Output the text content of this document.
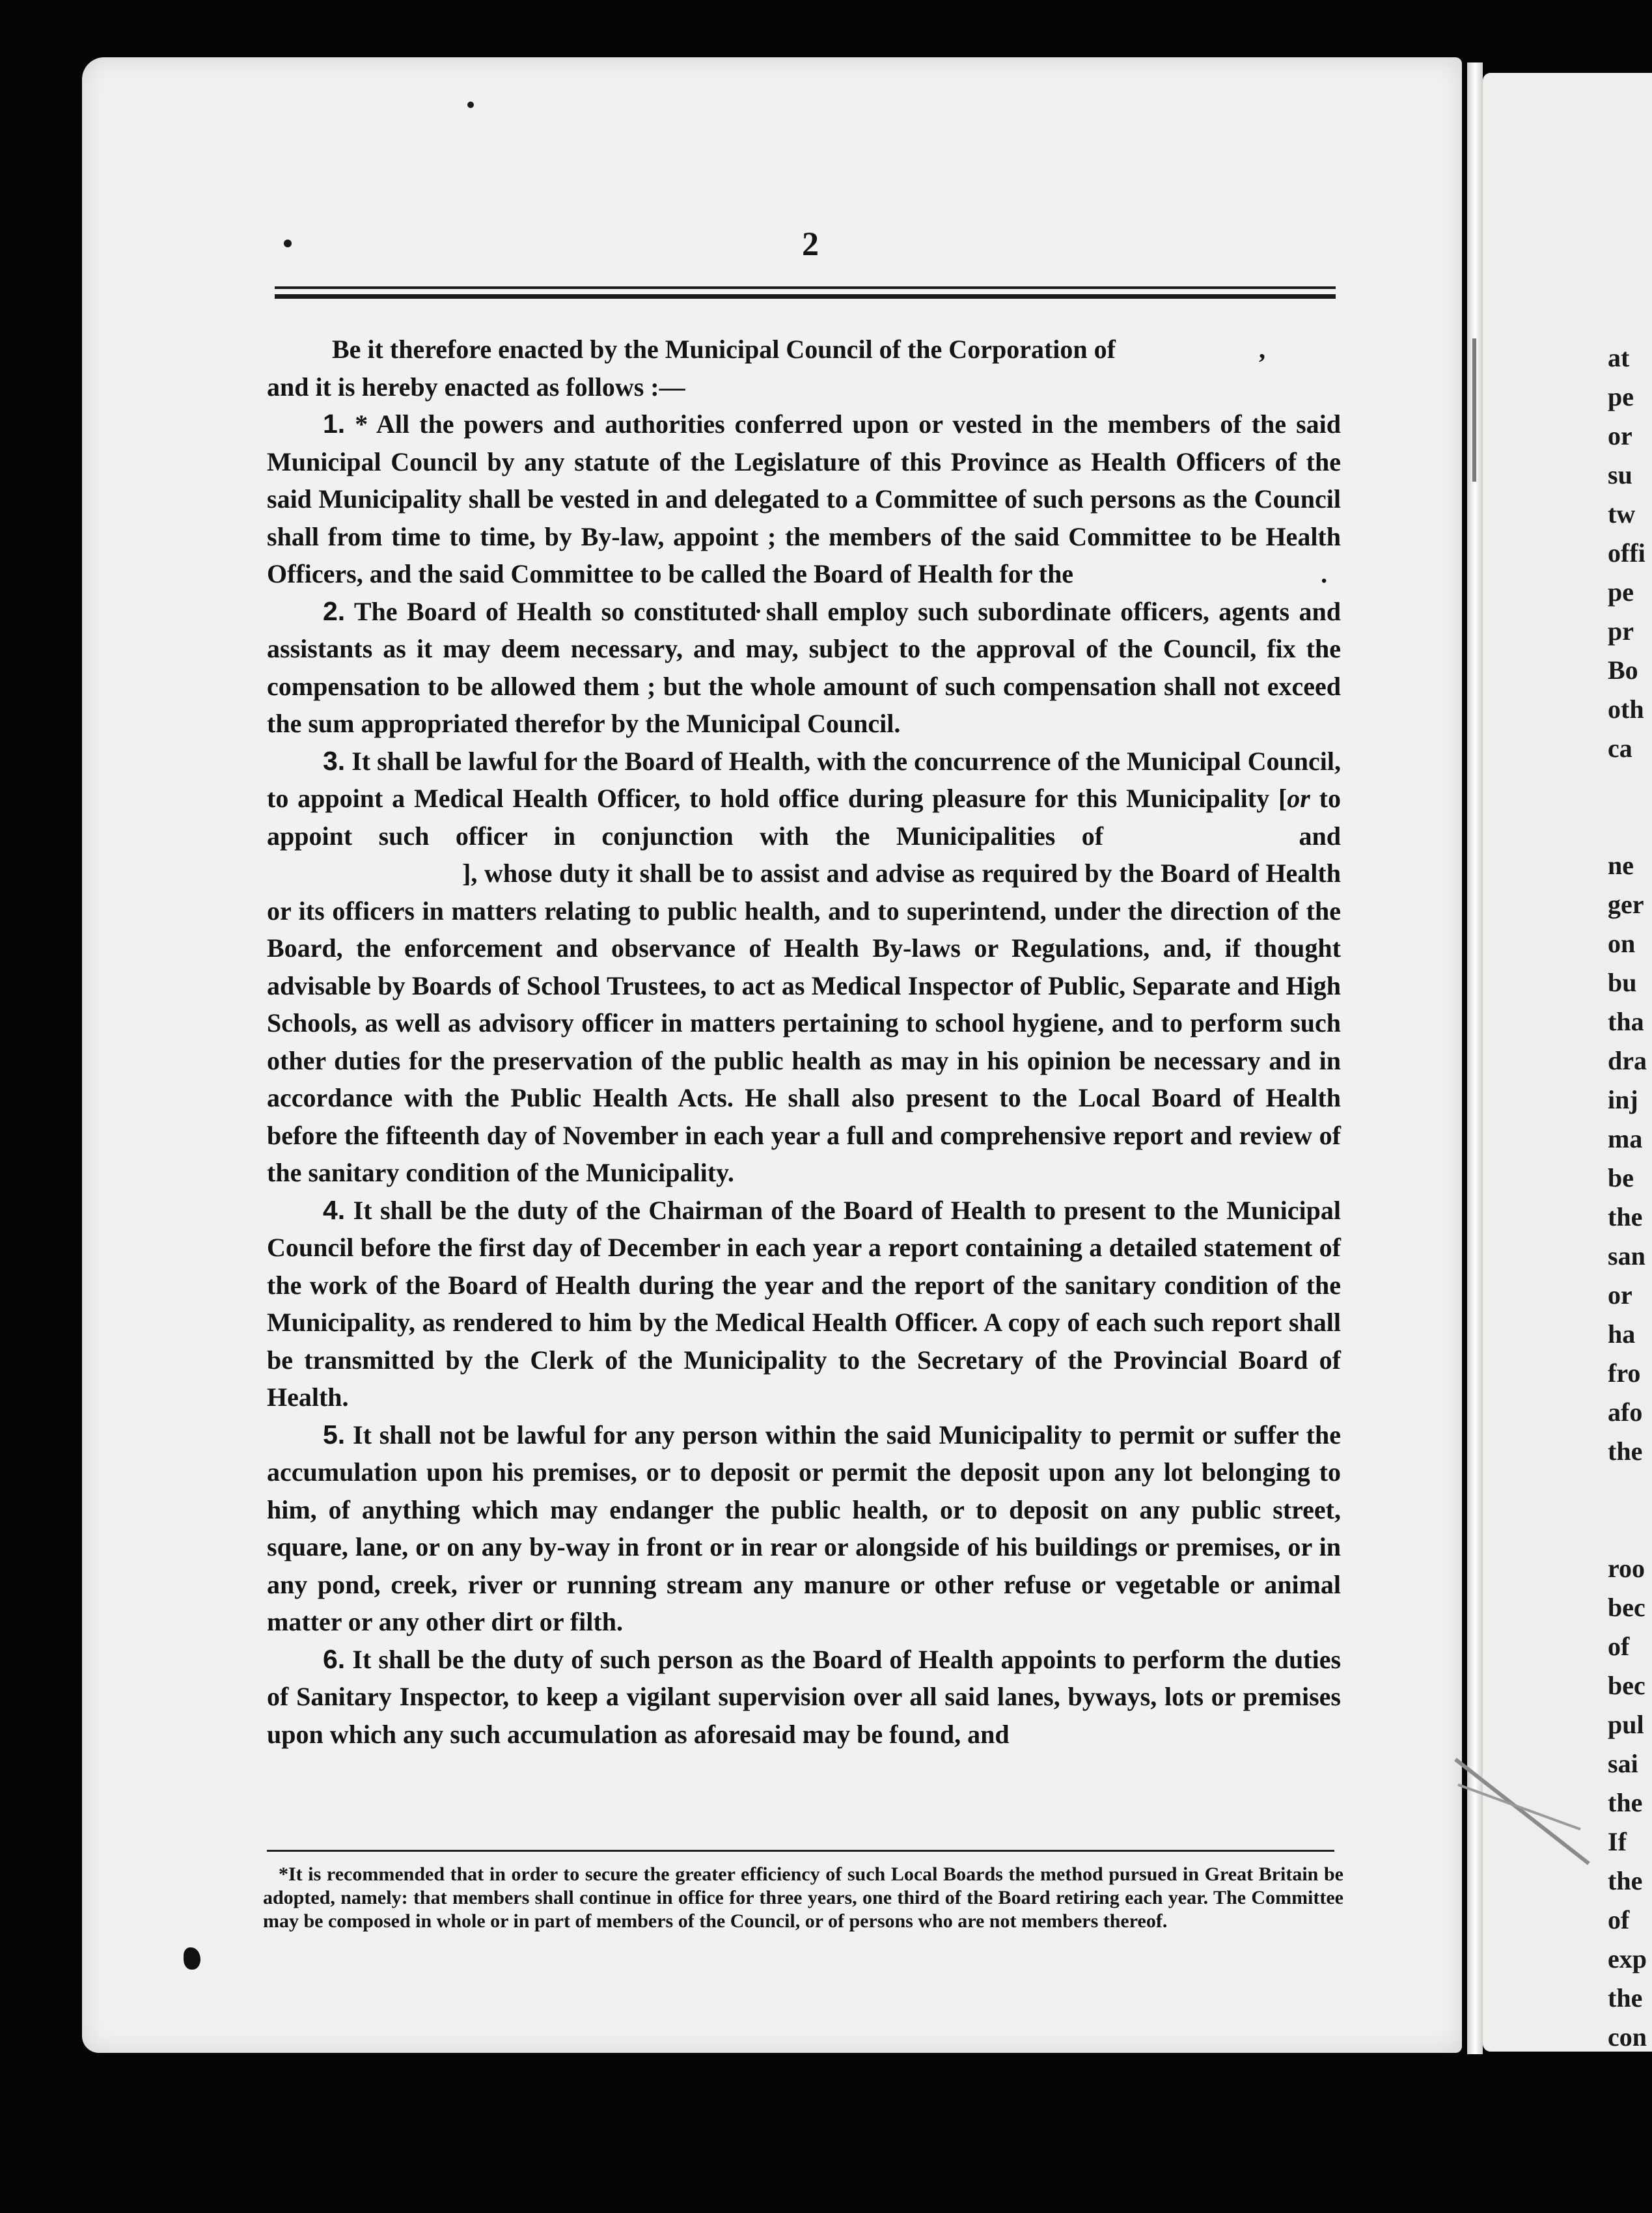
2

Be it therefore enacted by the Municipal Council of the Corporation of	,

and it is hereby enacted as follows :—

1. * All the powers and authorities conferred upon or vested in the members of the said Municipal Council by any statute of the Legislature of this Province as Health Officers of the said Municipality shall be vested in and delegated to a Committee of such persons as the Council shall from time to time, by By-law, appoint ; the members of the said Committee to be Health Officers, and the said Committee to be called the Board of Health for the	.

2. The Board of Health so constituted shall employ such subordinate officers, agents and assistants as it may deem necessary, and may, subject to the approval of the Council, fix the compensation to be allowed them ; but the whole amount of such compensation shall not exceed the sum appropriated therefor by the Municipal Council.

3. It shall be lawful for the Board of Health, with the concurrence of the Municipal Council, to appoint a Medical Health Officer, to hold office during pleasure for this Municipality [or to appoint such officer in conjunction with the Municipalities of	and], whose duty it shall be to assist and advise as required by the Board of Health or its officers in matters relating to public health, and to superintend, under the direction of the Board, the enforcement and observance of Health By-laws or Regulations, and, if thought advisable by Boards of School Trustees, to act as Medical Inspector of Public, Separate and High Schools, as well as advisory officer in matters pertaining to school hygiene, and to perform such other duties for the preservation of the public health as may in his opinion be necessary and in accordance with the Public Health Acts. He shall also present to the Local Board of Health before the fifteenth day of November in each year a full and comprehensive report and review of the sanitary condition of the Municipality.

4. It shall be the duty of the Chairman of the Board of Health to present to the Municipal Council before the first day of December in each year a report containing a detailed statement of the work of the Board of Health during the year and the report of the sanitary condition of the Municipality, as rendered to him by the Medical Health Officer. A copy of each such report shall be transmitted by the Clerk of the Municipality to the Secretary of the Provincial Board of Health.

5. It shall not be lawful for any person within the said Municipality to permit or suffer the accumulation upon his premises, or to deposit or permit the deposit upon any lot belonging to him, of anything which may endanger the public health, or to deposit on any public street, square, lane, or on any by-way in front or in rear or alongside of his buildings or premises, or in any pond, creek, river or running stream any manure or other refuse or vegetable or animal matter or any other dirt or filth.

6. It shall be the duty of such person as the Board of Health appoints to perform the duties of Sanitary Inspector, to keep a vigilant supervision over all said lanes, byways, lots or premises upon which any such accumulation as aforesaid may be found, and

*It is recommended that in order to secure the greater efficiency of such Local Boards the method pursued in Great Britain be adopted, namely: that members shall continue in office for three years, one third of the Board retiring each year. The Committee may be composed in whole or in part of members of the Council, or of persons who are not members thereof.

at
pe
or
su
tw
offi
pe
pr
Bo
oth
ca
ne
ger
on
bu
tha
dra
inj
ma
be
the
san
or
ha
fro
afo
the
roo
bec
of
bec
pul
sai
the
If
the
of
exp
the
con
